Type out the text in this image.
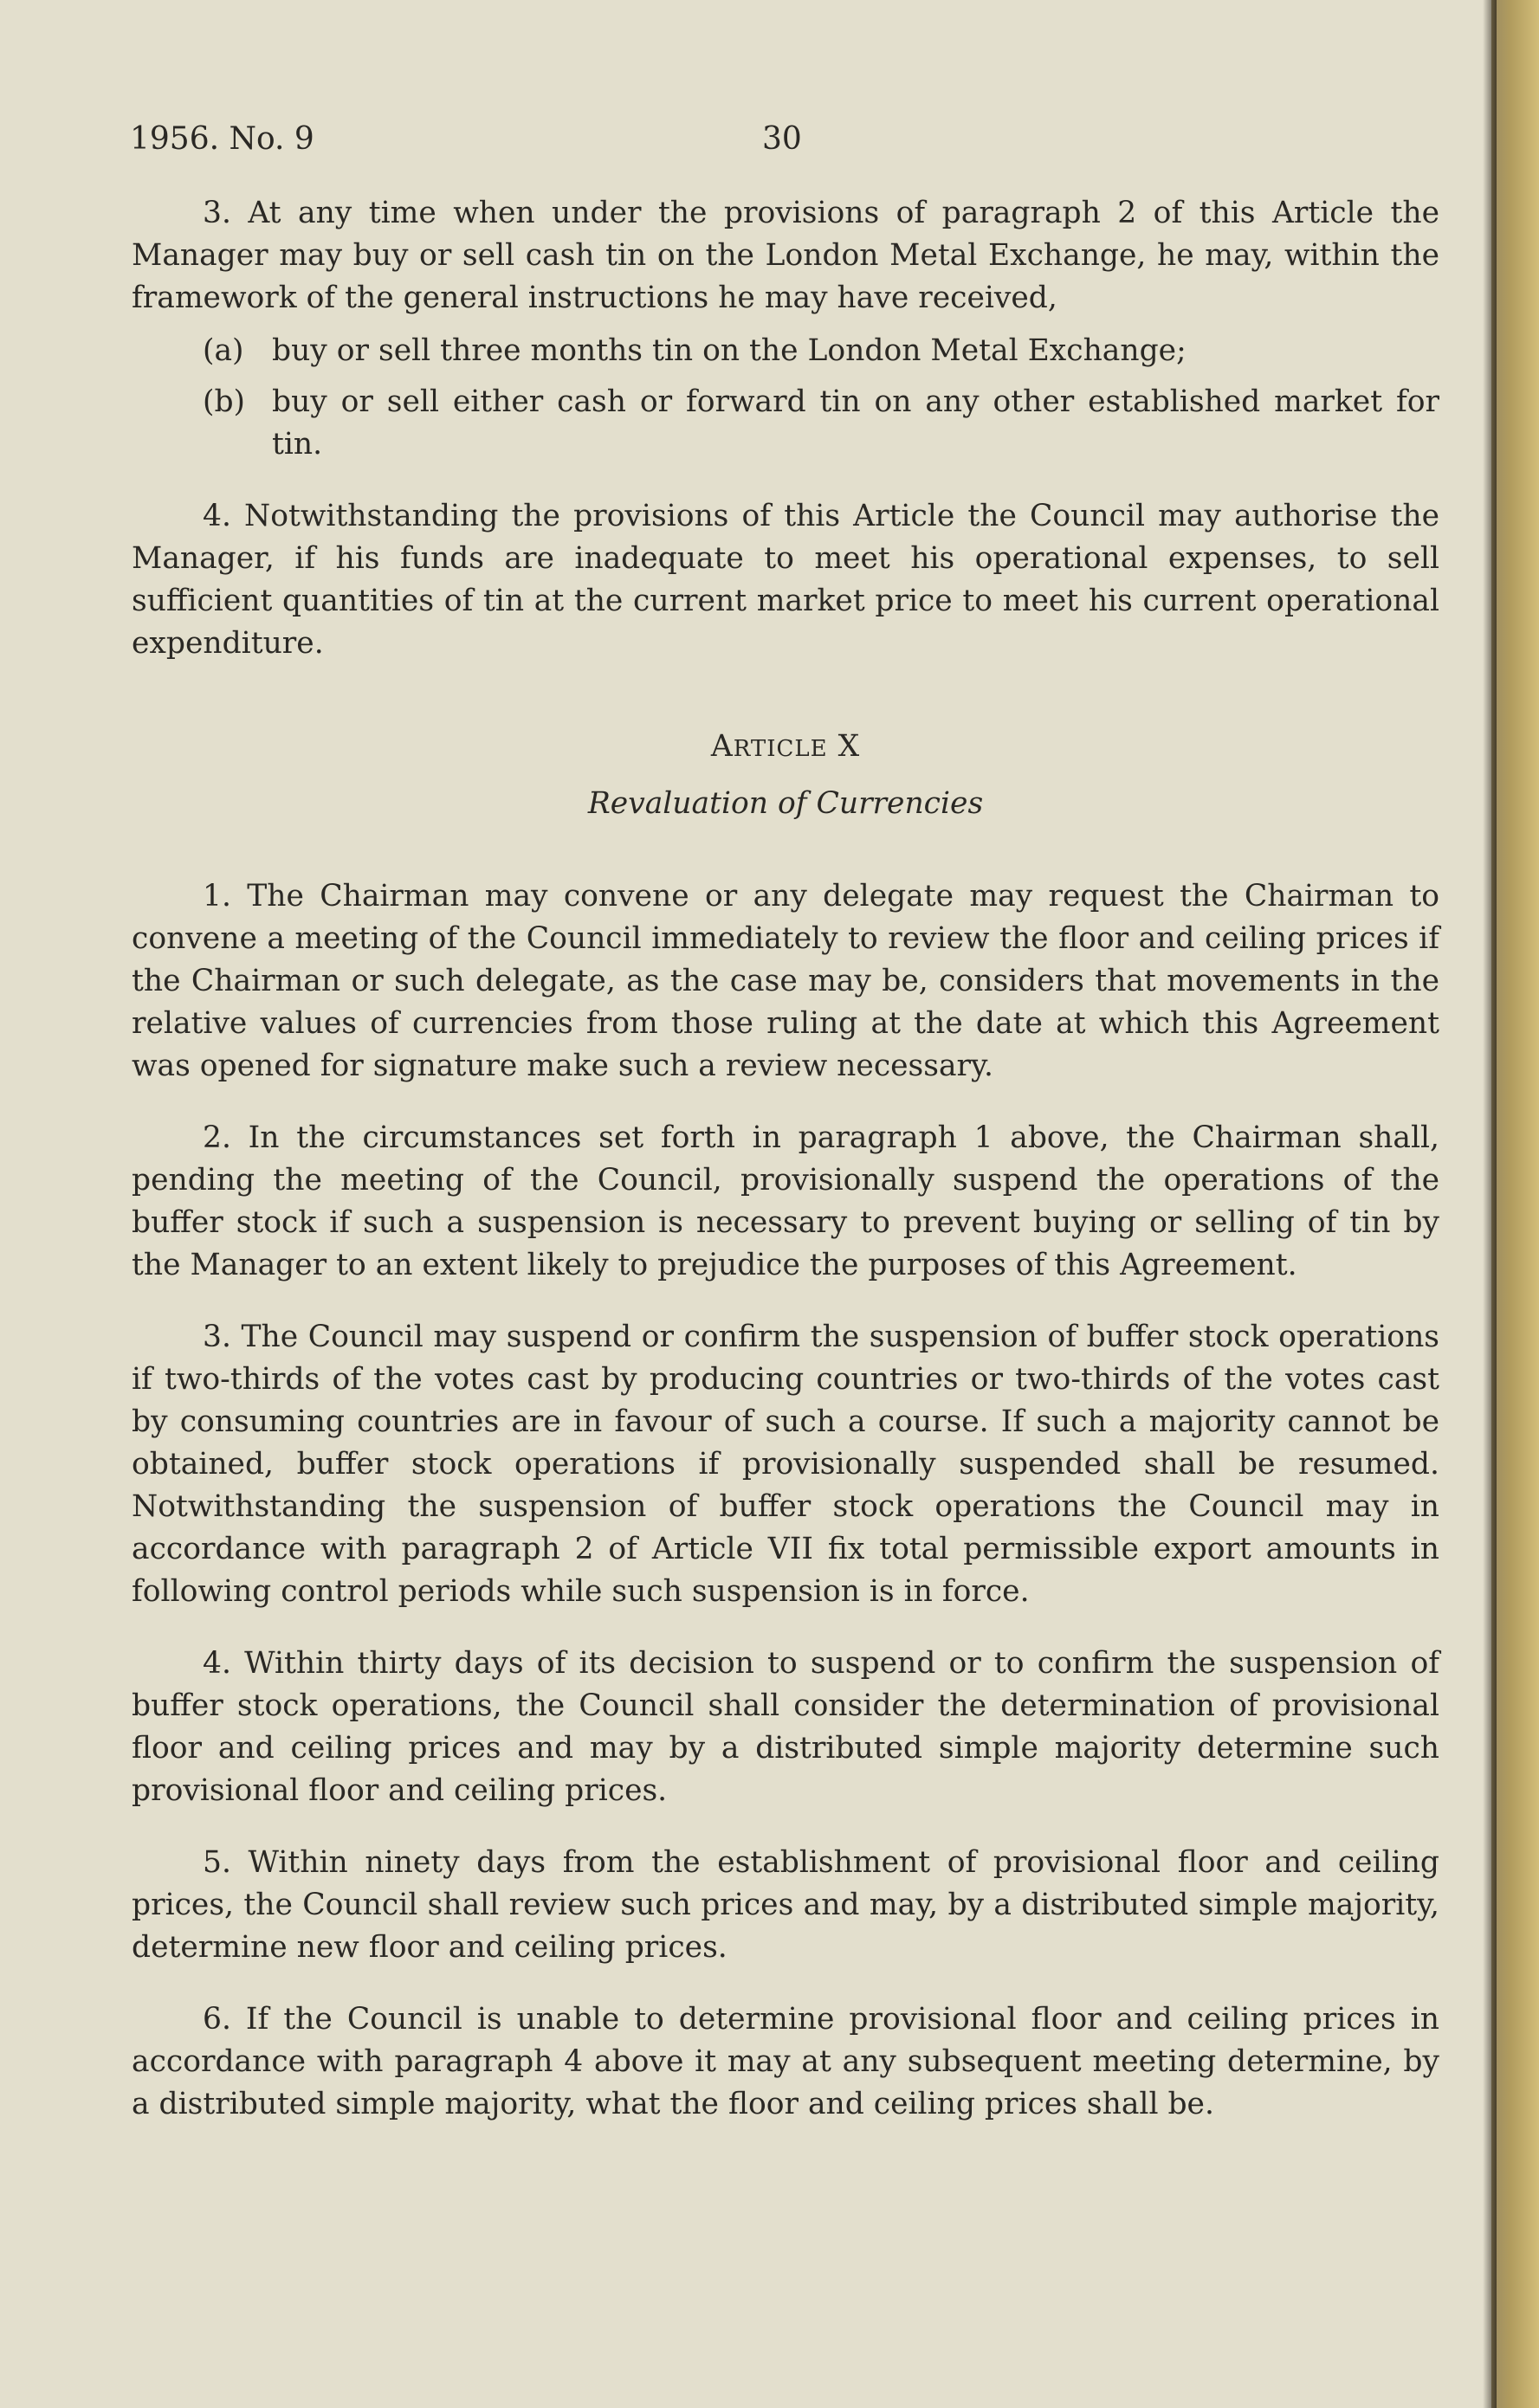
1956. No. 9	30

3. At any time when under the provisions of paragraph 2 of this Article the Manager may buy or sell cash tin on the London Metal Exchange, he may, within the framework of the general instructions he may have received,

(a) buy or sell three months tin on the London Metal Exchange;
(b) buy or sell either cash or forward tin on any other established market for tin.

4. Notwithstanding the provisions of this Article the Council may authorise the Manager, if his funds are inadequate to meet his operational expenses, to sell sufficient quantities of tin at the current market price to meet his current operational expenditure.

ARTICLE X
Revaluation of Currencies

1. The Chairman may convene or any delegate may request the Chairman to convene a meeting of the Council immediately to review the floor and ceiling prices if the Chairman or such delegate, as the case may be, considers that movements in the relative values of currencies from those ruling at the date at which this Agreement was opened for signature make such a review necessary.

2. In the circumstances set forth in paragraph 1 above, the Chairman shall, pending the meeting of the Council, provisionally suspend the operations of the buffer stock if such a suspension is necessary to prevent buying or selling of tin by the Manager to an extent likely to prejudice the purposes of this Agreement.

3. The Council may suspend or confirm the suspension of buffer stock operations if two-thirds of the votes cast by producing countries or two-thirds of the votes cast by consuming countries are in favour of such a course. If such a majority cannot be obtained, buffer stock operations if provisionally suspended shall be resumed. Notwithstanding the suspension of buffer stock operations the Council may in accordance with paragraph 2 of Article VII fix total permissible export amounts in following control periods while such suspension is in force.

4. Within thirty days of its decision to suspend or to confirm the suspension of buffer stock operations, the Council shall consider the determination of provisional floor and ceiling prices and may by a distributed simple majority determine such provisional floor and ceiling prices.

5. Within ninety days from the establishment of provisional floor and ceiling prices, the Council shall review such prices and may, by a distributed simple majority, determine new floor and ceiling prices.

6. If the Council is unable to determine provisional floor and ceiling prices in accordance with paragraph 4 above it may at any subsequent meeting determine, by a distributed simple majority, what the floor and ceiling prices shall be.
